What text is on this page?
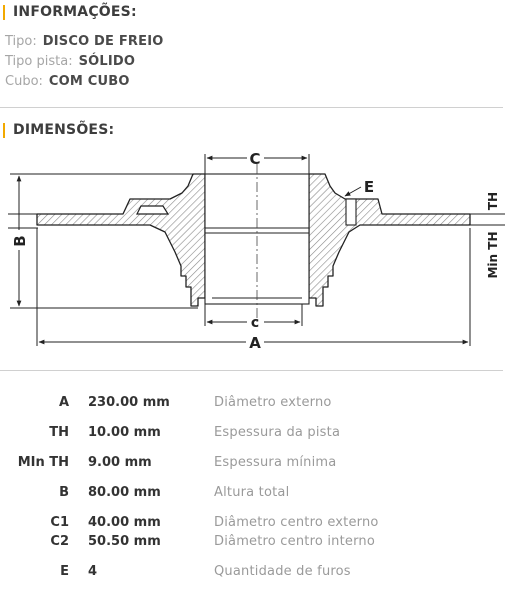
INFORMAÇÕES:
Tipo: DISCO DE FREIO
Tipo pista: SÓLIDO
Cubo: COM CUBO
DIMENSÕES:
C
c
A
B
E
TH
Min TH
A 230.00 mm	Diâmetro externo
TH 10.00 mm	Espessura da pista
MIn TH 9.00 mm	Espessura mínima
B 80.00 mm	Altura total
C1 40.00 mm	Diâmetro centro externo
C2 50.50 mm	Diâmetro centro interno
E 4	Quantidade de furos
